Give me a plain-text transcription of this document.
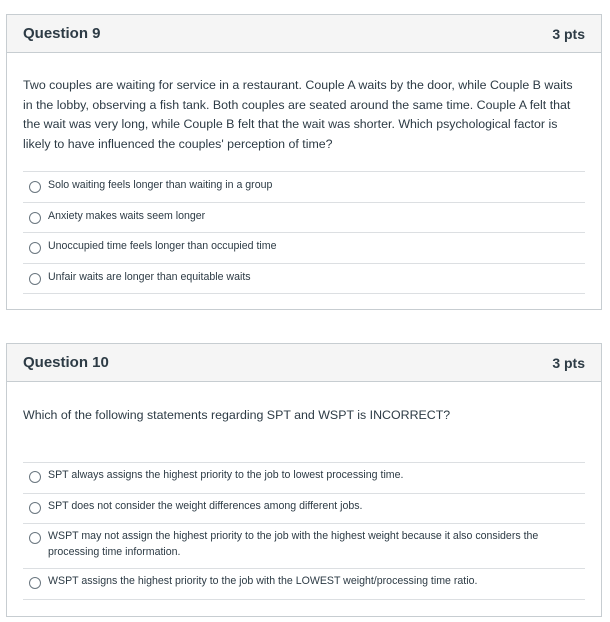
Question 9	3 pts

Two couples are waiting for service in a restaurant. Couple A waits by the door, while Couple B waits in the lobby, observing a fish tank. Both couples are seated around the same time. Couple A felt that the wait was very long, while Couple B felt that the wait was shorter. Which psychological factor is likely to have influenced the couples' perception of time?

Solo waiting feels longer than waiting in a group
Anxiety makes waits seem longer
Unoccupied time feels longer than occupied time
Unfair waits are longer than equitable waits
Question 10	3 pts

Which of the following statements regarding SPT and WSPT is INCORRECT?

SPT always assigns the highest priority to the job to lowest processing time.
SPT does not consider the weight differences among different jobs.
WSPT may not assign the highest priority to the job with the highest weight because it also considers the processing time information.
WSPT assigns the highest priority to the job with the LOWEST weight/processing time ratio.
